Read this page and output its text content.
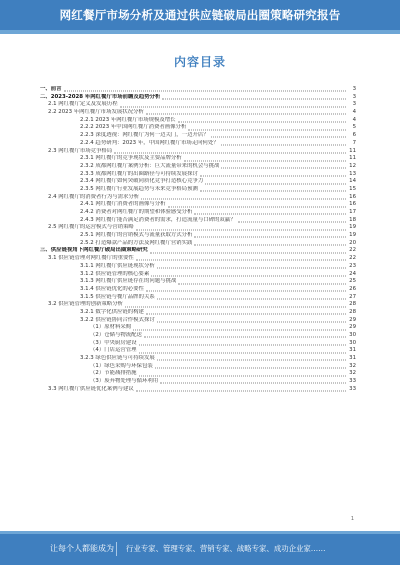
网红餐厅市场分析及通过供应链破局出圈策略研究报告
内容目录
一、前言	3
二、2023-2028 年网红餐厅市场前瞻及趋势分析	3
2.1 网红餐厅定义及发展历程	3
2.2 2023 年网红餐厅市场发展状况分析	4
2.2.1 2023 年网红餐厅市场规模及增长	4
2.2.2 2023 年中国网红餐厅消费者画像分析	5
2.2.3 深度透视：网红餐厅为何一边关门，一边开店？	6
2.2.4 趋势研判：2023 年，中国网红餐厅市场走向何处？	7
2.3 网红餐厅市场竞争格局	11
2.3.1 网红餐厅的竞争现状及主要品牌分析	11
2.3.2 成都网红餐厅案例分析：巨大流量带来的机会与挑战	12
2.3.3 成都网红餐厅的出圈路径与可持续发展探讨	13
2.3.4 网红餐厅如何突破同质化竞争打造核心竞争力	14
2.3.5 网红餐厅行业发展趋势与未来竞争格局预测	15
2.4 网红餐厅的消费者行为与需求分析	16
2.4.1 网红餐厅消费者的画像与分析	16
2.4.2 消费者对网红餐厅的期望和体验感受分析	17
2.4.3 网红餐厅能否满足消费者的需求，打造流量与口碑的双赢？	18
2.5 网红餐厅的运营模式与营销策略	19
2.5.1 网红餐厅的营销模式与流量获取方式分析	19
2.5.2 打造爆款产品的方法及网红餐厅营销实践	20
三、供应链视角下网红餐厅破局出圈策略研究	22
3.1 供应链管理对网红餐厅的重要性	22
3.1.1 网红餐厅供应链现状分析	23
3.1.2 供应链管理的核心要素	24
3.1.3 网红餐厅供应链存在的问题与挑战	25
3.1.4 供应链优化的必要性	26
3.1.5 供应链与餐厅品牌的关系	27
3.2 供应链管理的创新策略分析	28
3.2.1 数字化供应链的构建	28
3.2.2 供应链协同合作模式探讨	29
（1）原材料采购	29
（2）仓储与物流配送	30
（3）中央厨房建设	30
（4）门店运营管理	31
3.2.3 绿色供应链与可持续发展	31
（1）绿色采购与环保包装	32
（2）节能减排措施	32
（3）废弃物处理与循环利用	33
3.3 网红餐厅供应链优化案例与建议	33
1
让每个人都能成为 行业专家、管理专家、营销专家、战略专家、成功企业家……
